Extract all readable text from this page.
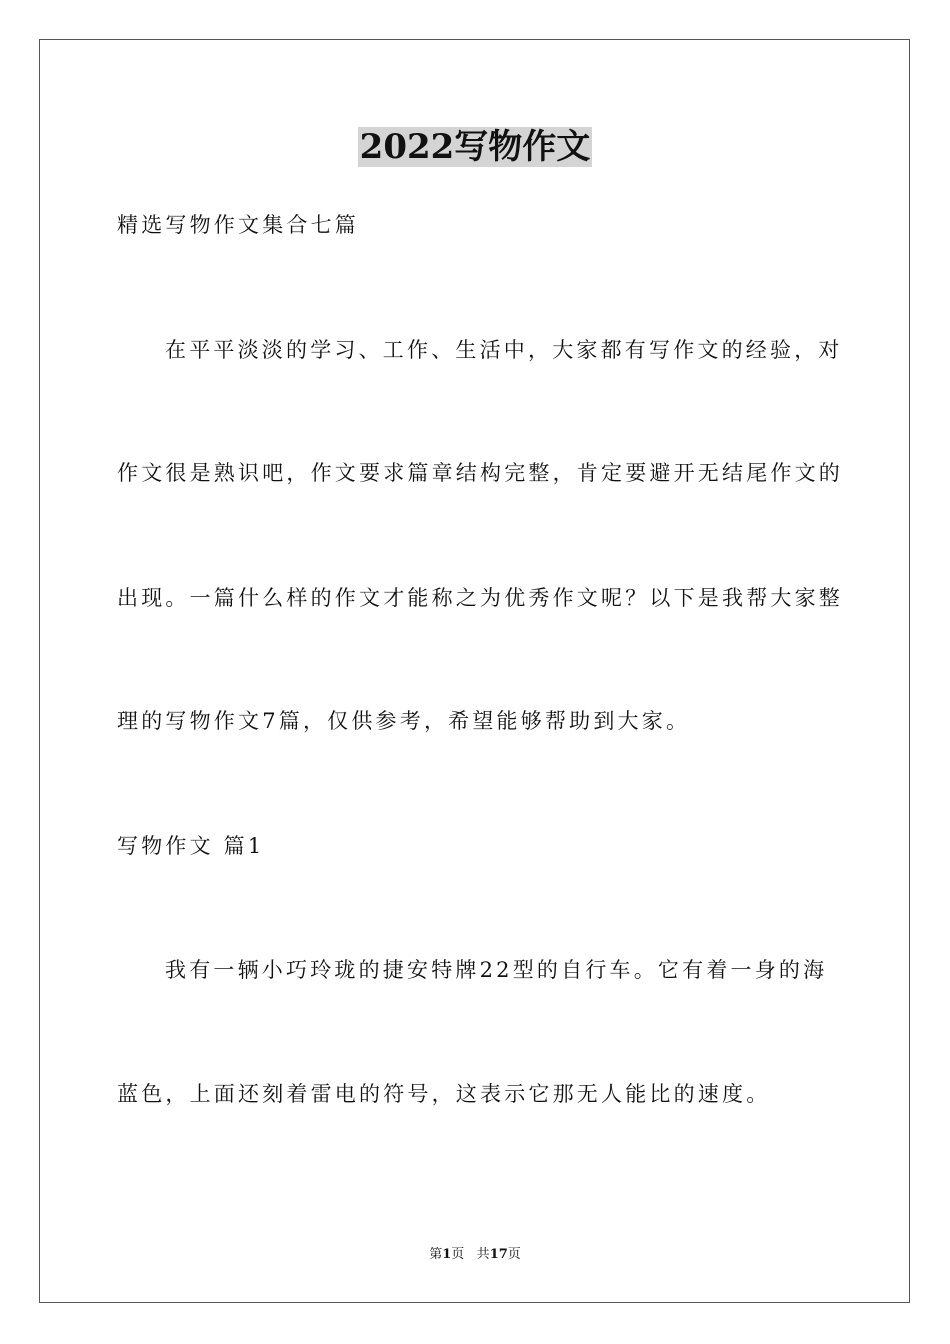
2022写物作文
精选写物作文集合七篇
在平平淡淡的学习、工作、生活中，大家都有写作文的经验，对
作文很是熟识吧，作文要求篇章结构完整，肯定要避开无结尾作文的
出现。一篇什么样的作文才能称之为优秀作文呢？以下是我帮大家整
理的写物作文7篇，仅供参考，希望能够帮助到大家。
写物作文 篇1
我有一辆小巧玲珑的捷安特牌22型的自行车。它有着一身的海
蓝色，上面还刻着雷电的符号，这表示它那无人能比的速度。
第1页 共17页
